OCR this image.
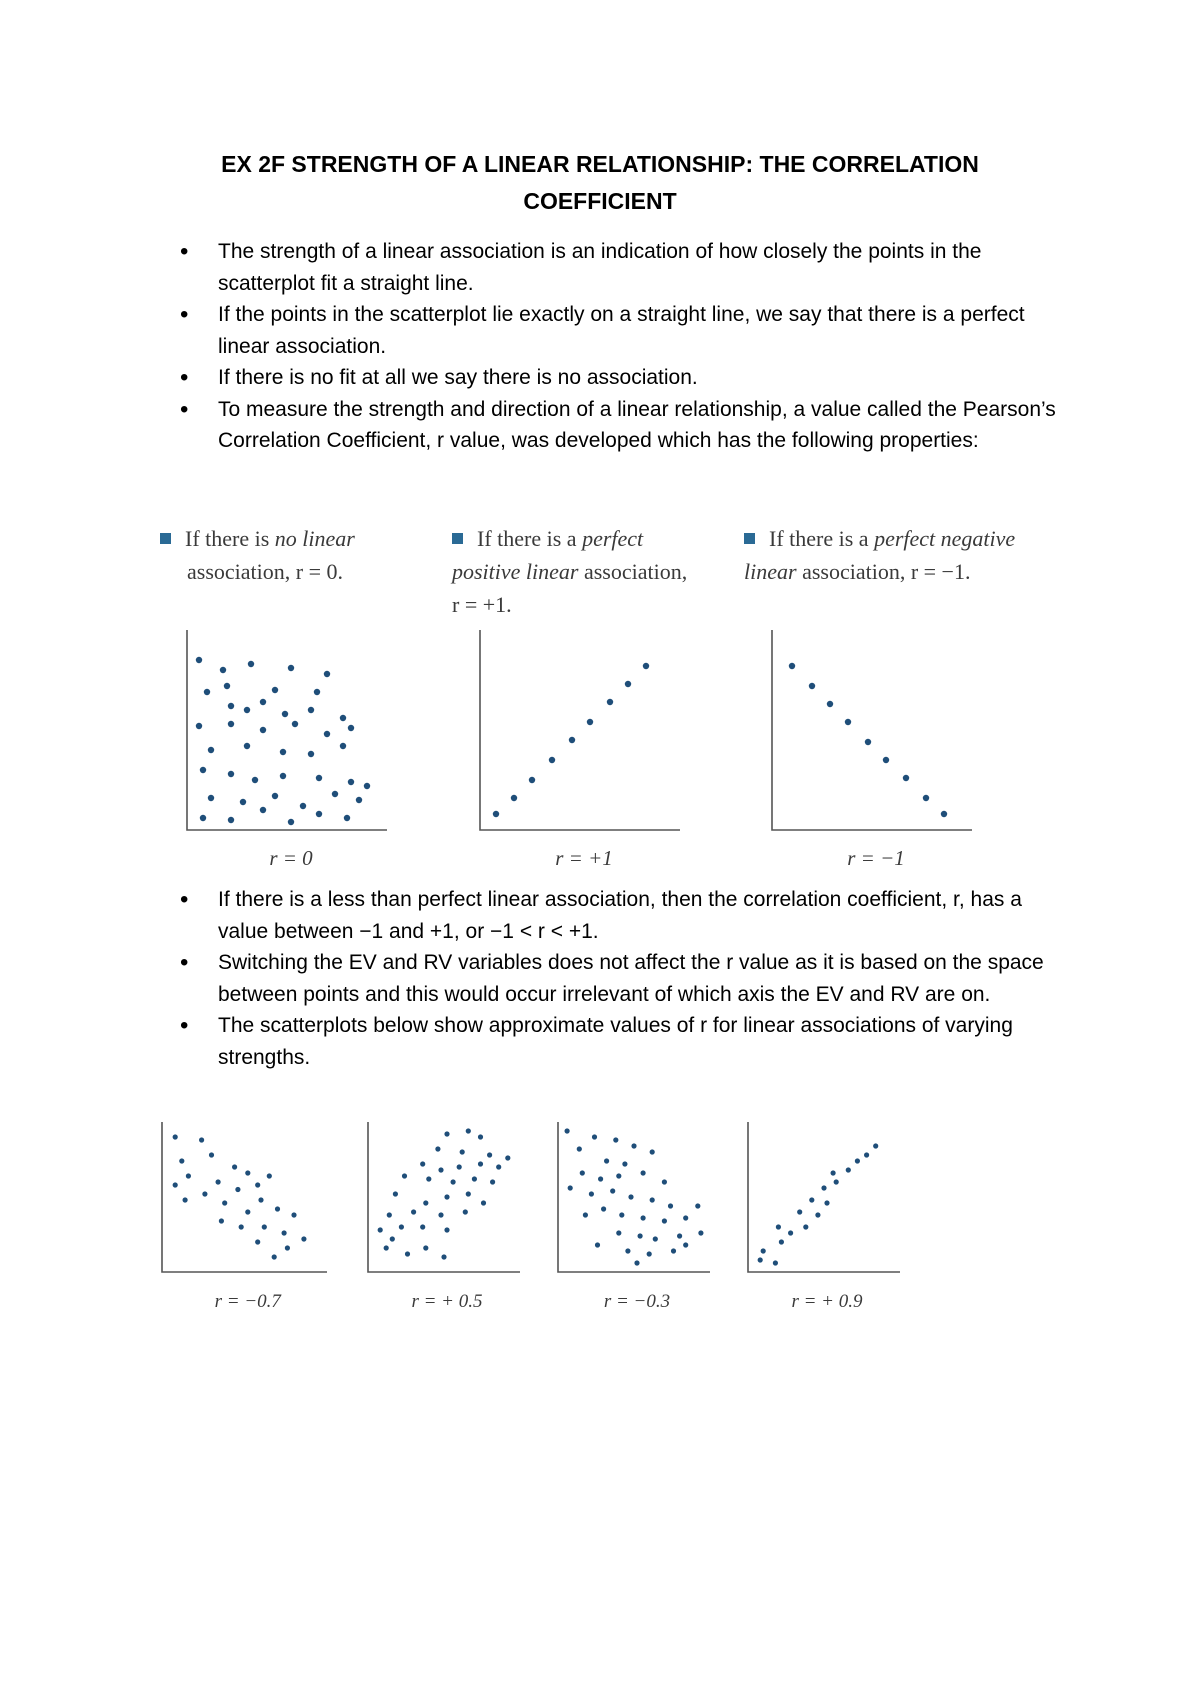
EX 2F STRENGTH OF A LINEAR RELATIONSHIP: THE CORRELATION COEFFICIENT
• The strength of a linear association is an indication of how closely the points in the scatterplot fit a straight line.
• If the points in the scatterplot lie exactly on a straight line, we say that there is a perfect linear association.
• If there is no fit at all we say there is no association.
• To measure the strength and direction of a linear relationship, a value called the Pearson’s Correlation Coefficient, r value, was developed which has the following properties:
If there is no linear
association, r = 0.
If there is a perfect positive linear association, r = +1.
If there is a perfect negative linear association, r = −1.
r = 0	r = +1	r = −1
• If there is a less than perfect linear association, then the correlation coefficient, r, has a value between −1 and +1, or −1 < r < +1.
• Switching the EV and RV variables does not affect the r value as it is based on the space between points and this would occur irrelevant of which axis the EV and RV are on.
• The scatterplots below show approximate values of r for linear associations of varying strengths.
r = −0.7	r = + 0.5	r = −0.3	r = + 0.9
